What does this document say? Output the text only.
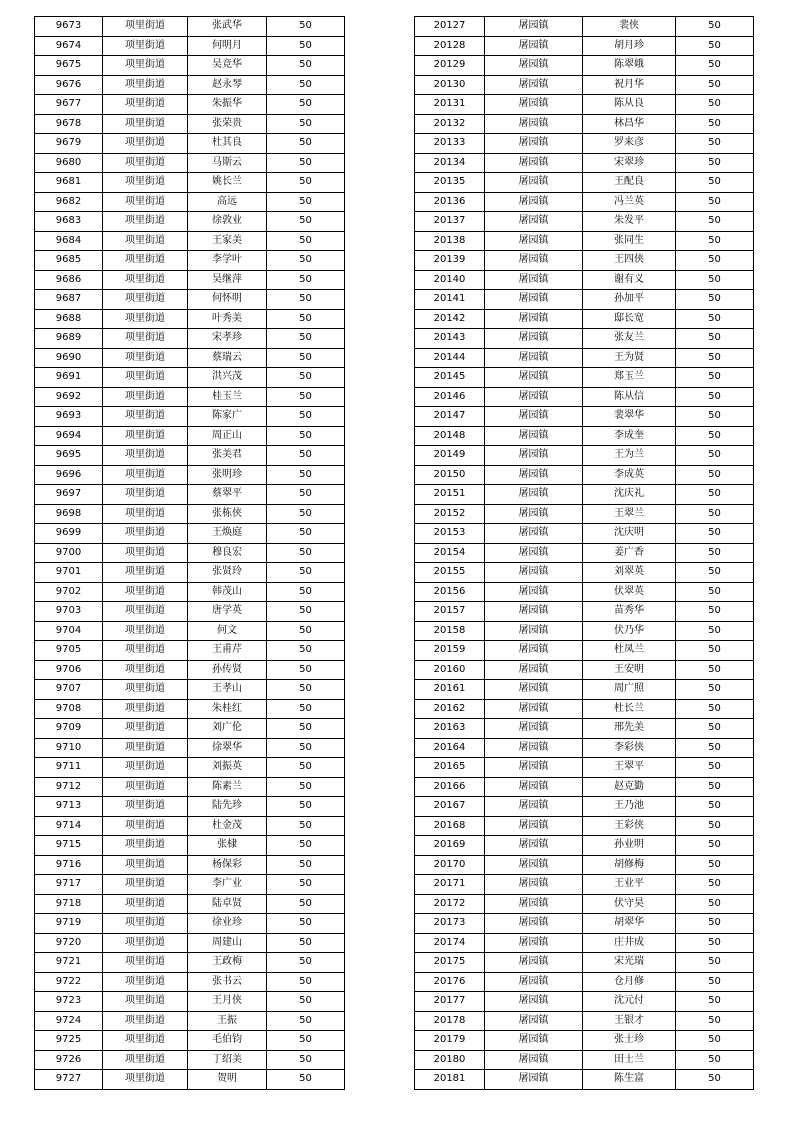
9673	项里街道	张武华	50
9674	项里街道	何明月	50
9675	项里街道	吴竞华	50
9676	项里街道	赵永琴	50
9677	项里街道	朱振华	50
9678	项里街道	张荣贵	50
9679	项里街道	杜其良	50
9680	项里街道	马斯云	50
9681	项里街道	姚长兰	50
9682	项里街道	高远	50
9683	项里街道	徐敦业	50
9684	项里街道	王家美	50
9685	项里街道	李学叶	50
9686	项里街道	吴继萍	50
9687	项里街道	何怀明	50
9688	项里街道	叶秀美	50
9689	项里街道	宋孝珍	50
9690	项里街道	蔡瑞云	50
9691	项里街道	洪兴茂	50
9692	项里街道	桂玉兰	50
9693	项里街道	陈家广	50
9694	项里街道	周正山	50
9695	项里街道	张美君	50
9696	项里街道	张明珍	50
9697	项里街道	蔡翠平	50
9698	项里街道	张栋侠	50
9699	项里街道	王焕庭	50
9700	项里街道	穆良宏	50
9701	项里街道	张贤玲	50
9702	项里街道	韩茂山	50
9703	项里街道	唐学英	50
9704	项里街道	何文	50
9705	项里街道	王甫芹	50
9706	项里街道	孙传贤	50
9707	项里街道	王孝山	50
9708	项里街道	朱桂红	50
9709	项里街道	刘广伦	50
9710	项里街道	徐翠华	50
9711	项里街道	刘振英	50
9712	项里街道	陈素兰	50
9713	项里街道	陆先珍	50
9714	项里街道	杜金茂	50
9715	项里街道	张棣	50
9716	项里街道	杨保彩	50
9717	项里街道	李广业	50
9718	项里街道	陆卓贤	50
9719	项里街道	徐业珍	50
9720	项里街道	周建山	50
9721	项里街道	王政梅	50
9722	项里街道	张书云	50
9723	项里街道	王月侠	50
9724	项里街道	王振	50
9725	项里街道	毛伯钧	50
9726	项里街道	丁绍美	50
9727	项里街道	贺明	50
20127	屠园镇	裴侠	50
20128	屠园镇	胡月珍	50
20129	屠园镇	陈翠娥	50
20130	屠园镇	祝月华	50
20131	屠园镇	陈从良	50
20132	屠园镇	林昌华	50
20133	屠园镇	罗来彦	50
20134	屠园镇	宋翠珍	50
20135	屠园镇	王配良	50
20136	屠园镇	冯兰英	50
20137	屠园镇	朱发平	50
20138	屠园镇	张同生	50
20139	屠园镇	王四侠	50
20140	屠园镇	谢有义	50
20141	屠园镇	孙加平	50
20142	屠园镇	邸长宽	50
20143	屠园镇	张友兰	50
20144	屠园镇	王为贤	50
20145	屠园镇	郑玉兰	50
20146	屠园镇	陈从信	50
20147	屠园镇	裴翠华	50
20148	屠园镇	李成奎	50
20149	屠园镇	王为兰	50
20150	屠园镇	李成英	50
20151	屠园镇	沈庆礼	50
20152	屠园镇	王翠兰	50
20153	屠园镇	沈庆明	50
20154	屠园镇	姜广香	50
20155	屠园镇	刘翠英	50
20156	屠园镇	伏翠英	50
20157	屠园镇	苗秀华	50
20158	屠园镇	伏乃华	50
20159	屠园镇	杜凤兰	50
20160	屠园镇	王安明	50
20161	屠园镇	周广照	50
20162	屠园镇	杜长兰	50
20163	屠园镇	邢先美	50
20164	屠园镇	李彩侠	50
20165	屠园镇	王翠平	50
20166	屠园镇	赵克勤	50
20167	屠园镇	王乃池	50
20168	屠园镇	王彩侠	50
20169	屠园镇	孙业明	50
20170	屠园镇	胡修梅	50
20171	屠园镇	王业平	50
20172	屠园镇	伏守昊	50
20173	屠园镇	胡翠华	50
20174	屠园镇	庄井成	50
20175	屠园镇	宋光瑞	50
20176	屠园镇	仓月修	50
20177	屠园镇	沈元付	50
20178	屠园镇	王银才	50
20179	屠园镇	张士珍	50
20180	屠园镇	田士兰	50
20181	屠园镇	陈生富	50
